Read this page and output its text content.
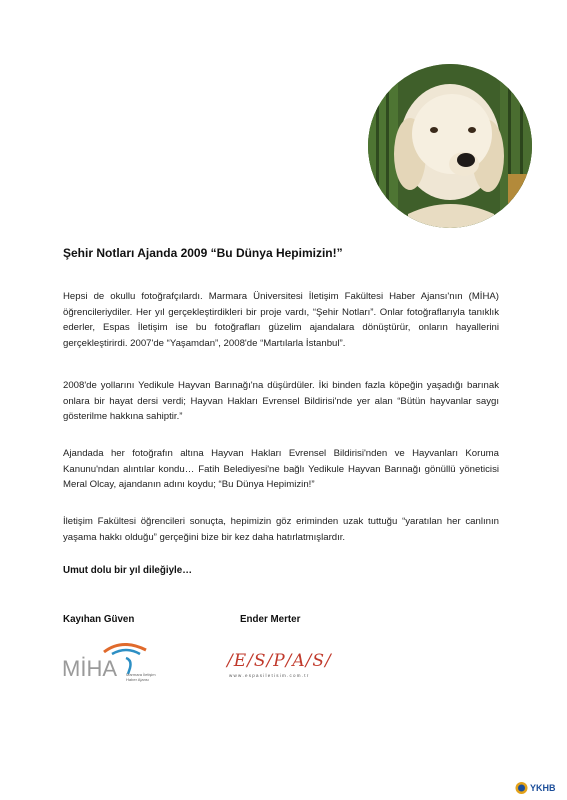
Şehir Notları Ajanda 2009 “Bu Dünya Hepimizin!”
Hepsi de okullu fotoğrafçılardı. Marmara Üniversitesi İletişim Fakültesi Haber Ajansı'nın (MİHA) öğrencileriydiler. Her yıl gerçekleştirdikleri bir proje vardı, “Şehir Notları”. Onlar fotoğraflarıyla tanıklık ederler, Espas İletişim ise bu fotoğrafları güzelim ajandalara dönüştürür, onların hayallerini gerçekleştirirdi. 2007'de “Yaşamdan”, 2008'de “Martılarla İstanbul”.
2008'de yollarını Yedikule Hayvan Barınağı'na düşürdüler. İki binden fazla köpeğin yaşadığı barınak onlara bir hayat dersi verdi; Hayvan Hakları Evrensel Bildirisi'nde yer alan “Bütün hayvanlar saygı gösterilme hakkına sahiptir.”
Ajandada her fotoğrafın altına Hayvan Hakları Evrensel Bildirisi'nden ve Hayvanları Koruma Kanunu'ndan alıntılar kondu… Fatih Belediyesi'ne bağlı Yedikule Hayvan Barınağı gönüllü yöneticisi Meral Olcay, ajandanın adını koydu; “Bu Dünya Hepimizin!”
İletişim Fakültesi öğrencileri sonuçta, hepimizin göz eriminden uzak tuttuğu “yaratılan her canlının yaşama hakkı olduğu” gerçeğini bize bir kez daha hatırlatmışlardır.
Umut dolu bir yıl dileğiyle…
Kayıhan Güven	Ender Merter
MİHA Marmara İletişim
Haber Ajansı
/E/S/P/A/S/
w w w . e s p a s i l e t i s i m . c o m . t r
YKHB
